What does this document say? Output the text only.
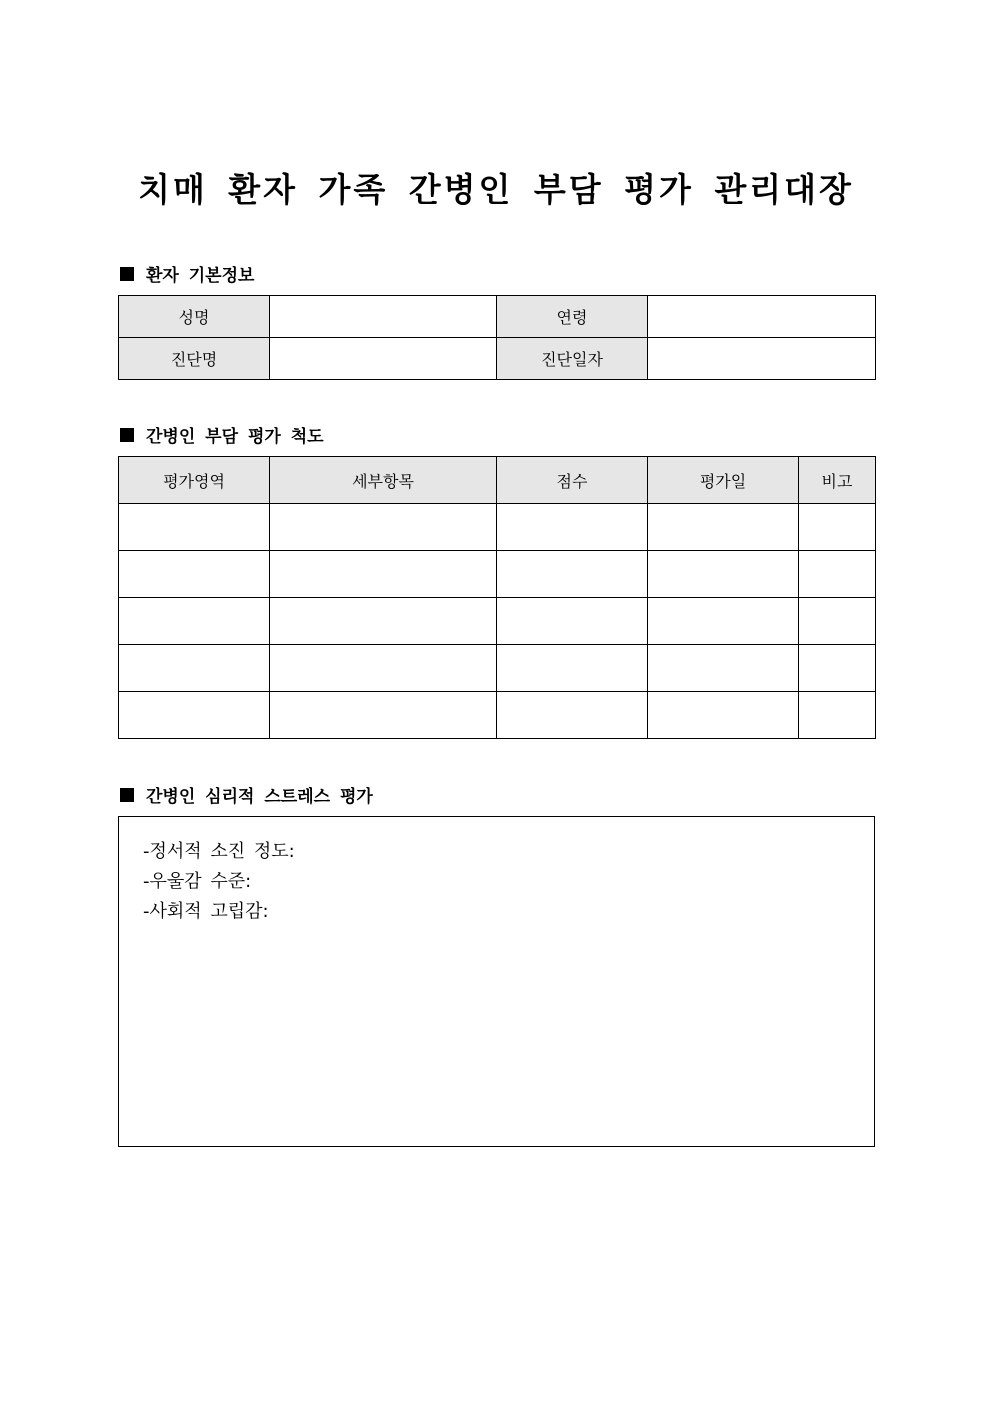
치매 환자 가족 간병인 부담 평가 관리대장
환자 기본정보
성명		연령	
진단명		진단일자	
간병인 부담 평가 척도
평가영역	세부항목	점수	평가일	비고

간병인 심리적 스트레스 평가
-정서적 소진 정도:
-우울감 수준:
-사회적 고립감:
